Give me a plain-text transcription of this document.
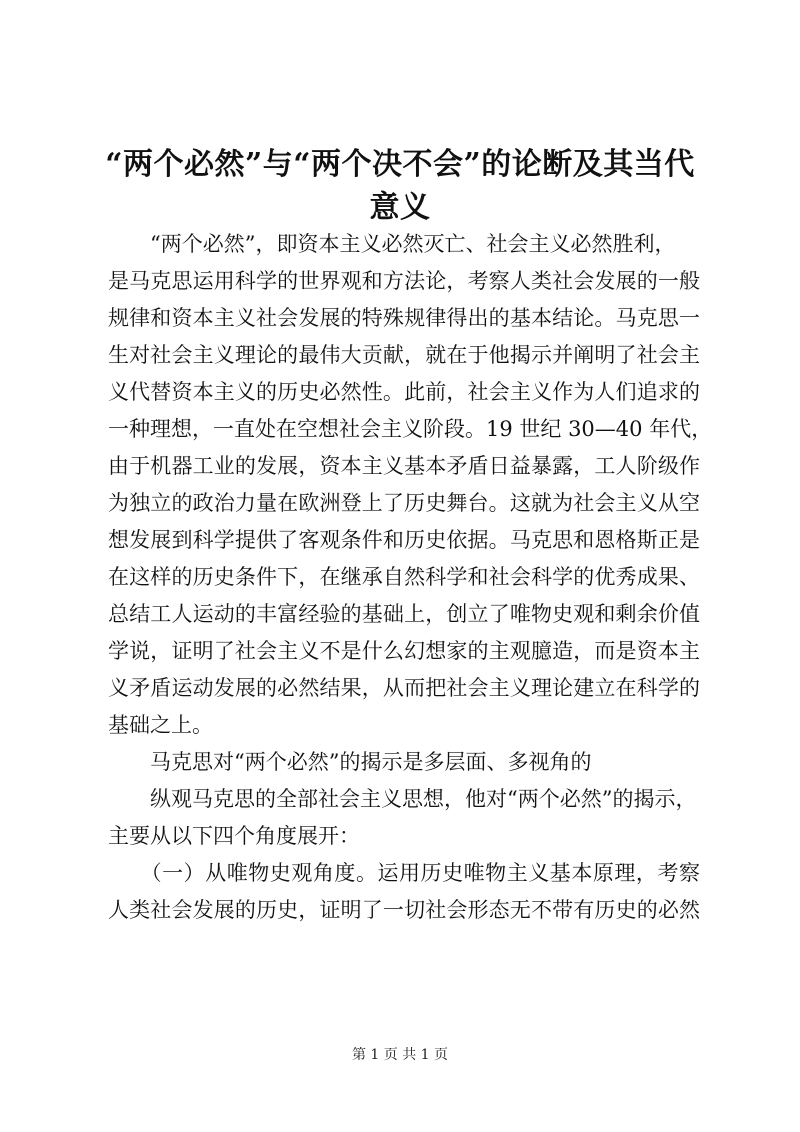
“两个必然”与“两个决不会”的论断及其当代意义
　　“两个必然”，即资本主义必然灭亡、社会主义必然胜利，
是马克思运用科学的世界观和方法论，考察人类社会发展的一般
规律和资本主义社会发展的特殊规律得出的基本结论。马克思一
生对社会主义理论的最伟大贡献，就在于他揭示并阐明了社会主
义代替资本主义的历史必然性。此前，社会主义作为人们追求的
一种理想，一直处在空想社会主义阶段。19 世纪 30—40 年代，
由于机器工业的发展，资本主义基本矛盾日益暴露，工人阶级作
为独立的政治力量在欧洲登上了历史舞台。这就为社会主义从空
想发展到科学提供了客观条件和历史依据。马克思和恩格斯正是
在这样的历史条件下，在继承自然科学和社会科学的优秀成果、
总结工人运动的丰富经验的基础上，创立了唯物史观和剩余价值
学说，证明了社会主义不是什么幻想家的主观臆造，而是资本主
义矛盾运动发展的必然结果，从而把社会主义理论建立在科学的
基础之上。
　　马克思对“两个必然”的揭示是多层面、多视角的
　　纵观马克思的全部社会主义思想，他对“两个必然”的揭示，
主要从以下四个角度展开：
　　（一）从唯物史观角度。运用历史唯物主义基本原理，考察
人类社会发展的历史，证明了一切社会形态无不带有历史的必然
第 1 页 共 1 页
